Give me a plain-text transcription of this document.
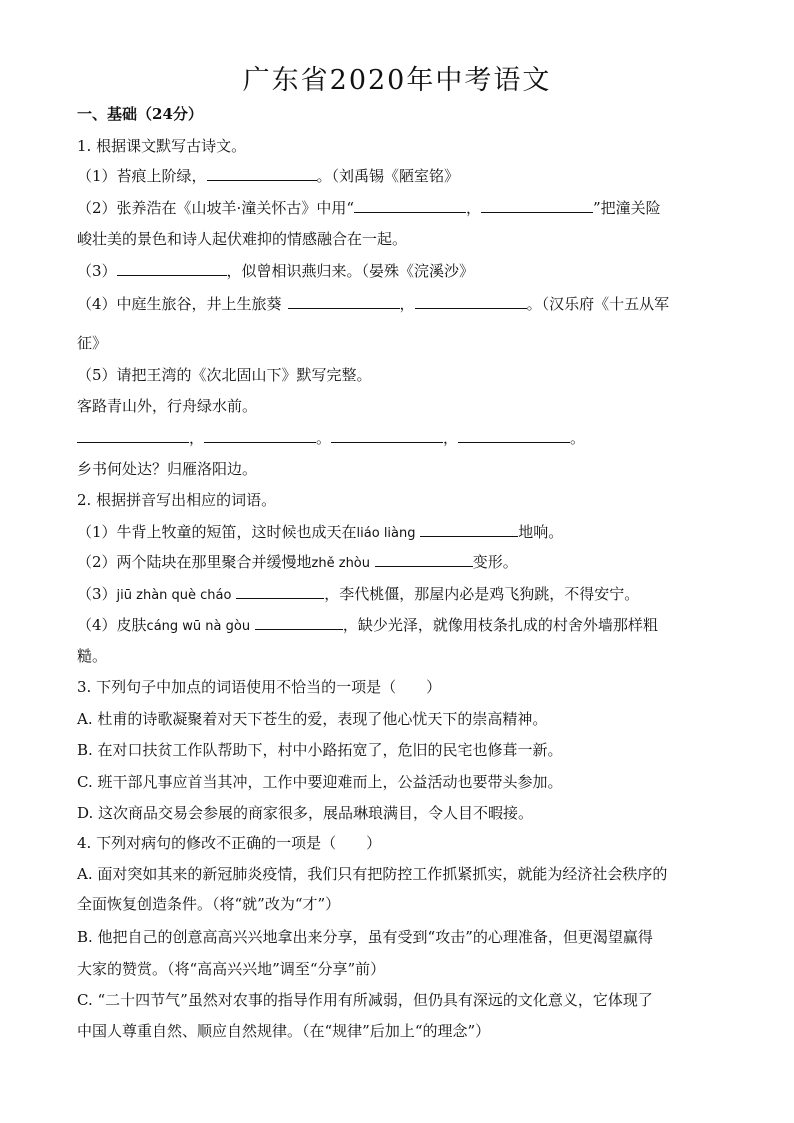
广东省2020年中考语文
一、基础（24分）
1. 根据课文默写古诗文。
（1）苔痕上阶绿，	。（刘禹锡《陋室铭》
（2）张养浩在《山坡羊·潼关怀古》中用“	，	”把潼关险
峻壮美的景色和诗人起伏难抑的情感融合在一起。
（3）	，似曾相识燕归来。（晏殊《浣溪沙》
（4）中庭生旅谷，井上生旅葵	，	。（汉乐府《十五从军
征》
（5）请把王湾的《次北固山下》默写完整。
客路青山外，行舟绿水前。
，	。	，	。
乡书何处达？归雁洛阳边。
2. 根据拼音写出相应的词语。
（1）牛背上牧童的短笛，这时候也成天在liáo liàng	地响。
（2）两个陆块在那里聚合并缓慢地zhě zhòu	变形。
（3）jiū zhàn què cháo	，李代桃僵，那屋内必是鸡飞狗跳，不得安宁。
（4）皮肤cáng wū nà gòu	，缺少光泽，就像用枝条扎成的村舍外墙那样粗
糙。
3. 下列句子中加点的词语使用不恰当的一项是（　　）
A. 杜甫的诗歌凝聚着对天下苍生的爱，表现了他心忧天下的崇高精神。
B. 在对口扶贫工作队帮助下，村中小路拓宽了，危旧的民宅也修葺一新。
C. 班干部凡事应首当其冲，工作中要迎难而上，公益活动也要带头参加。
D. 这次商品交易会参展的商家很多，展品琳琅满目，令人目不暇接。
4. 下列对病句的修改不正确的一项是（　　）
A. 面对突如其来的新冠肺炎疫情，我们只有把防控工作抓紧抓实，就能为经济社会秩序的
全面恢复创造条件。（将“就”改为“才”）
B. 他把自己的创意高高兴兴地拿出来分享，虽有受到“攻击”的心理准备，但更渴望赢得
大家的赞赏。（将“高高兴兴地”调至“分享”前）
C. “二十四节气”虽然对农事的指导作用有所减弱，但仍具有深远的文化意义，它体现了
中国人尊重自然、顺应自然规律。（在“规律”后加上“的理念”）
